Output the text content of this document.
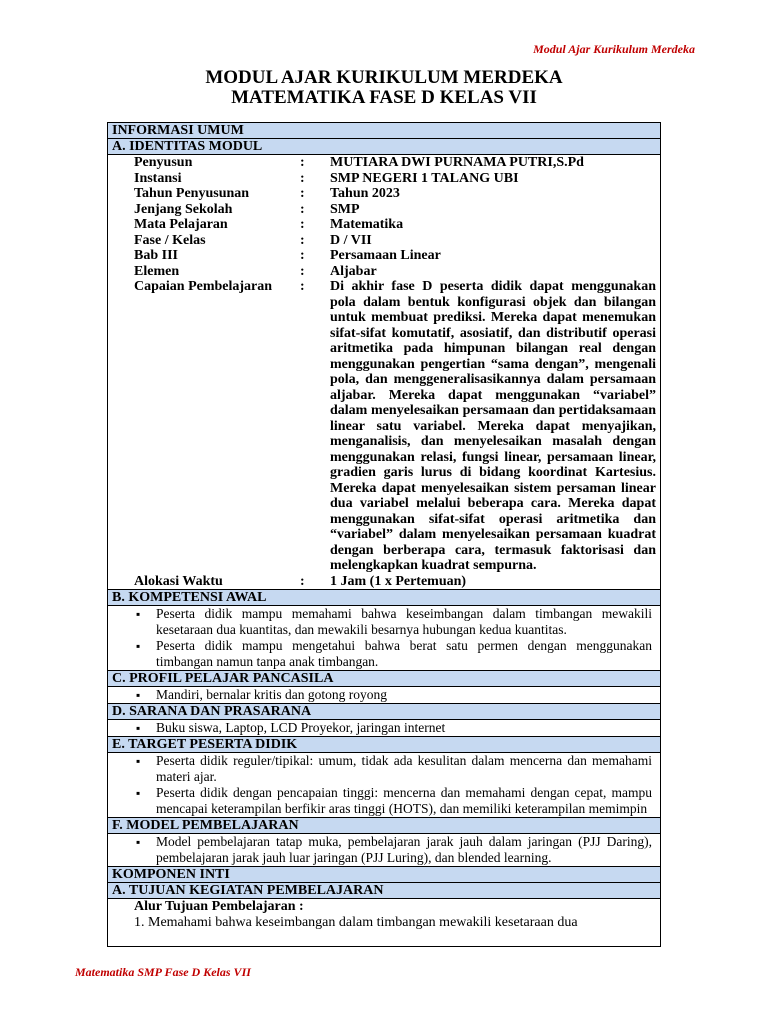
Modul Ajar Kurikulum Merdeka
MODUL AJAR KURIKULUM MERDEKA
MATEMATIKA FASE D KELAS VII
INFORMASI UMUM
A. IDENTITAS MODUL
Penyusun	:	MUTIARA DWI PURNAMA PUTRI,S.Pd
Instansi	:	SMP NEGERI 1 TALANG UBI
Tahun Penyusunan	:	Tahun 2023
Jenjang Sekolah	:	SMP
Mata Pelajaran	:	Matematika
Fase / Kelas	:	D / VII
Bab III	:	Persamaan Linear
Elemen	:	Aljabar
Capaian Pembelajaran	:	Di akhir fase D peserta didik dapat menggunakan pola dalam bentuk konfigurasi objek dan bilangan untuk membuat prediksi. Mereka dapat menemukan sifat-sifat komutatif, asosiatif, dan distributif operasi aritmetika pada himpunan bilangan real dengan menggunakan pengertian “sama dengan”, mengenali pola, dan menggeneralisasikannya dalam persamaan aljabar. Mereka dapat menggunakan “variabel” dalam menyelesaikan persamaan dan pertidaksamaan linear satu variabel. Mereka dapat menyajikan, menganalisis, dan menyelesaikan masalah dengan menggunakan relasi, fungsi linear, persamaan linear, gradien garis lurus di bidang koordinat Kartesius. Mereka dapat menyelesaikan sistem persaman linear dua variabel melalui beberapa cara. Mereka dapat menggunakan sifat-sifat operasi aritmetika dan “variabel” dalam menyelesaikan persamaan kuadrat dengan berberapa cara, termasuk faktorisasi dan melengkapkan kuadrat sempurna.
Alokasi Waktu	:	1 Jam (1 x Pertemuan)
B. KOMPETENSI AWAL
▪ Peserta didik mampu memahami bahwa keseimbangan dalam timbangan mewakili kesetaraan dua kuantitas, dan mewakili besarnya hubungan kedua kuantitas.
▪ Peserta didik mampu mengetahui bahwa berat satu permen dengan menggunakan timbangan namun tanpa anak timbangan.
C. PROFIL PELAJAR PANCASILA
▪ Mandiri, bernalar kritis dan gotong royong
D. SARANA DAN PRASARANA
▪ Buku siswa, Laptop, LCD Proyekor, jaringan internet
E. TARGET PESERTA DIDIK
▪ Peserta didik reguler/tipikal: umum, tidak ada kesulitan dalam mencerna dan memahami materi ajar.
▪ Peserta didik dengan pencapaian tinggi: mencerna dan memahami dengan cepat, mampu mencapai keterampilan berfikir aras tinggi (HOTS), dan memiliki keterampilan memimpin
F. MODEL PEMBELAJARAN
▪ Model pembelajaran tatap muka, pembelajaran jarak jauh dalam jaringan (PJJ Daring), pembelajaran jarak jauh luar jaringan (PJJ Luring), dan blended learning.
KOMPONEN INTI
A. TUJUAN KEGIATAN PEMBELAJARAN
Alur Tujuan Pembelajaran :
1. Memahami bahwa keseimbangan dalam timbangan mewakili kesetaraan dua
Matematika SMP Fase D Kelas VII
